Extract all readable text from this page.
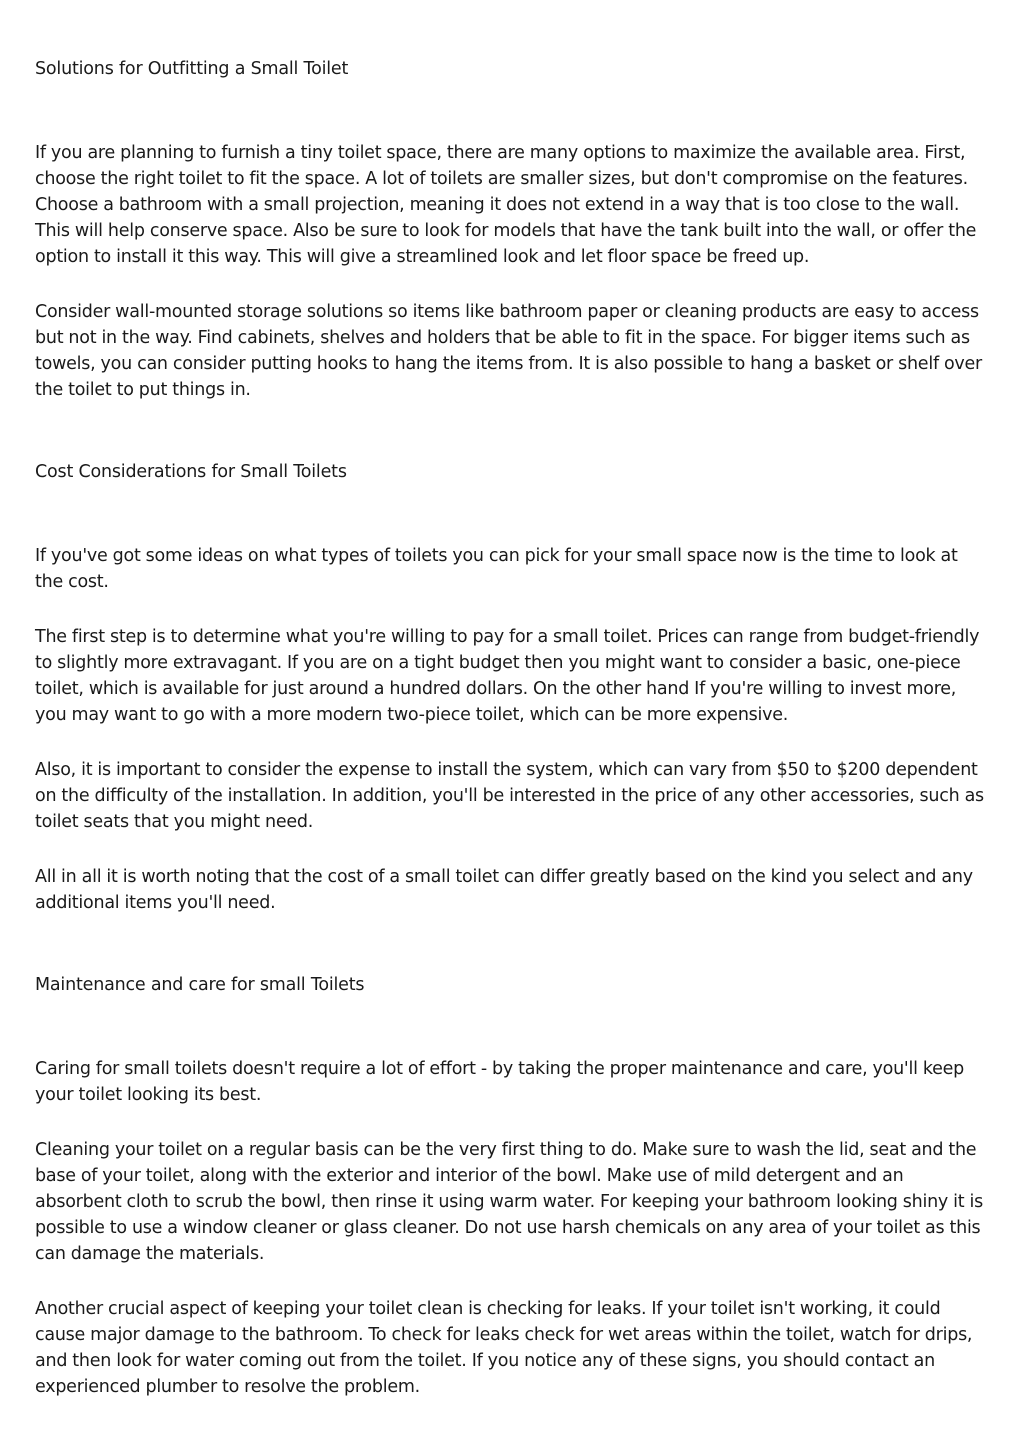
Solutions for Outfitting a Small Toilet

If you are planning to furnish a tiny toilet space, there are many options to maximize the available area. First, choose the right toilet to fit the space. A lot of toilets are smaller sizes, but don't compromise on the features. Choose a bathroom with a small projection, meaning it does not extend in a way that is too close to the wall. This will help conserve space. Also be sure to look for models that have the tank built into the wall, or offer the option to install it this way. This will give a streamlined look and let floor space be freed up.

Consider wall-mounted storage solutions so items like bathroom paper or cleaning products are easy to access but not in the way. Find cabinets, shelves and holders that be able to fit in the space. For bigger items such as towels, you can consider putting hooks to hang the items from. It is also possible to hang a basket or shelf over the toilet to put things in.

Cost Considerations for Small Toilets

If you've got some ideas on what types of toilets you can pick for your small space now is the time to look at the cost.

The first step is to determine what you're willing to pay for a small toilet. Prices can range from budget-friendly to slightly more extravagant. If you are on a tight budget then you might want to consider a basic, one-piece toilet, which is available for just around a hundred dollars. On the other hand If you're willing to invest more, you may want to go with a more modern two-piece toilet, which can be more expensive.

Also, it is important to consider the expense to install the system, which can vary from $50 to $200 dependent on the difficulty of the installation. In addition, you'll be interested in the price of any other accessories, such as toilet seats that you might need.

All in all it is worth noting that the cost of a small toilet can differ greatly based on the kind you select and any additional items you'll need.

Maintenance and care for small Toilets

Caring for small toilets doesn't require a lot of effort - by taking the proper maintenance and care, you'll keep your toilet looking its best.

Cleaning your toilet on a regular basis can be the very first thing to do. Make sure to wash the lid, seat and the base of your toilet, along with the exterior and interior of the bowl. Make use of mild detergent and an absorbent cloth to scrub the bowl, then rinse it using warm water. For keeping your bathroom looking shiny it is possible to use a window cleaner or glass cleaner. Do not use harsh chemicals on any area of your toilet as this can damage the materials.

Another crucial aspect of keeping your toilet clean is checking for leaks. If your toilet isn't working, it could cause major damage to the bathroom. To check for leaks check for wet areas within the toilet, watch for drips, and then look for water coming out from the toilet. If you notice any of these signs, you should contact an experienced plumber to resolve the problem.
